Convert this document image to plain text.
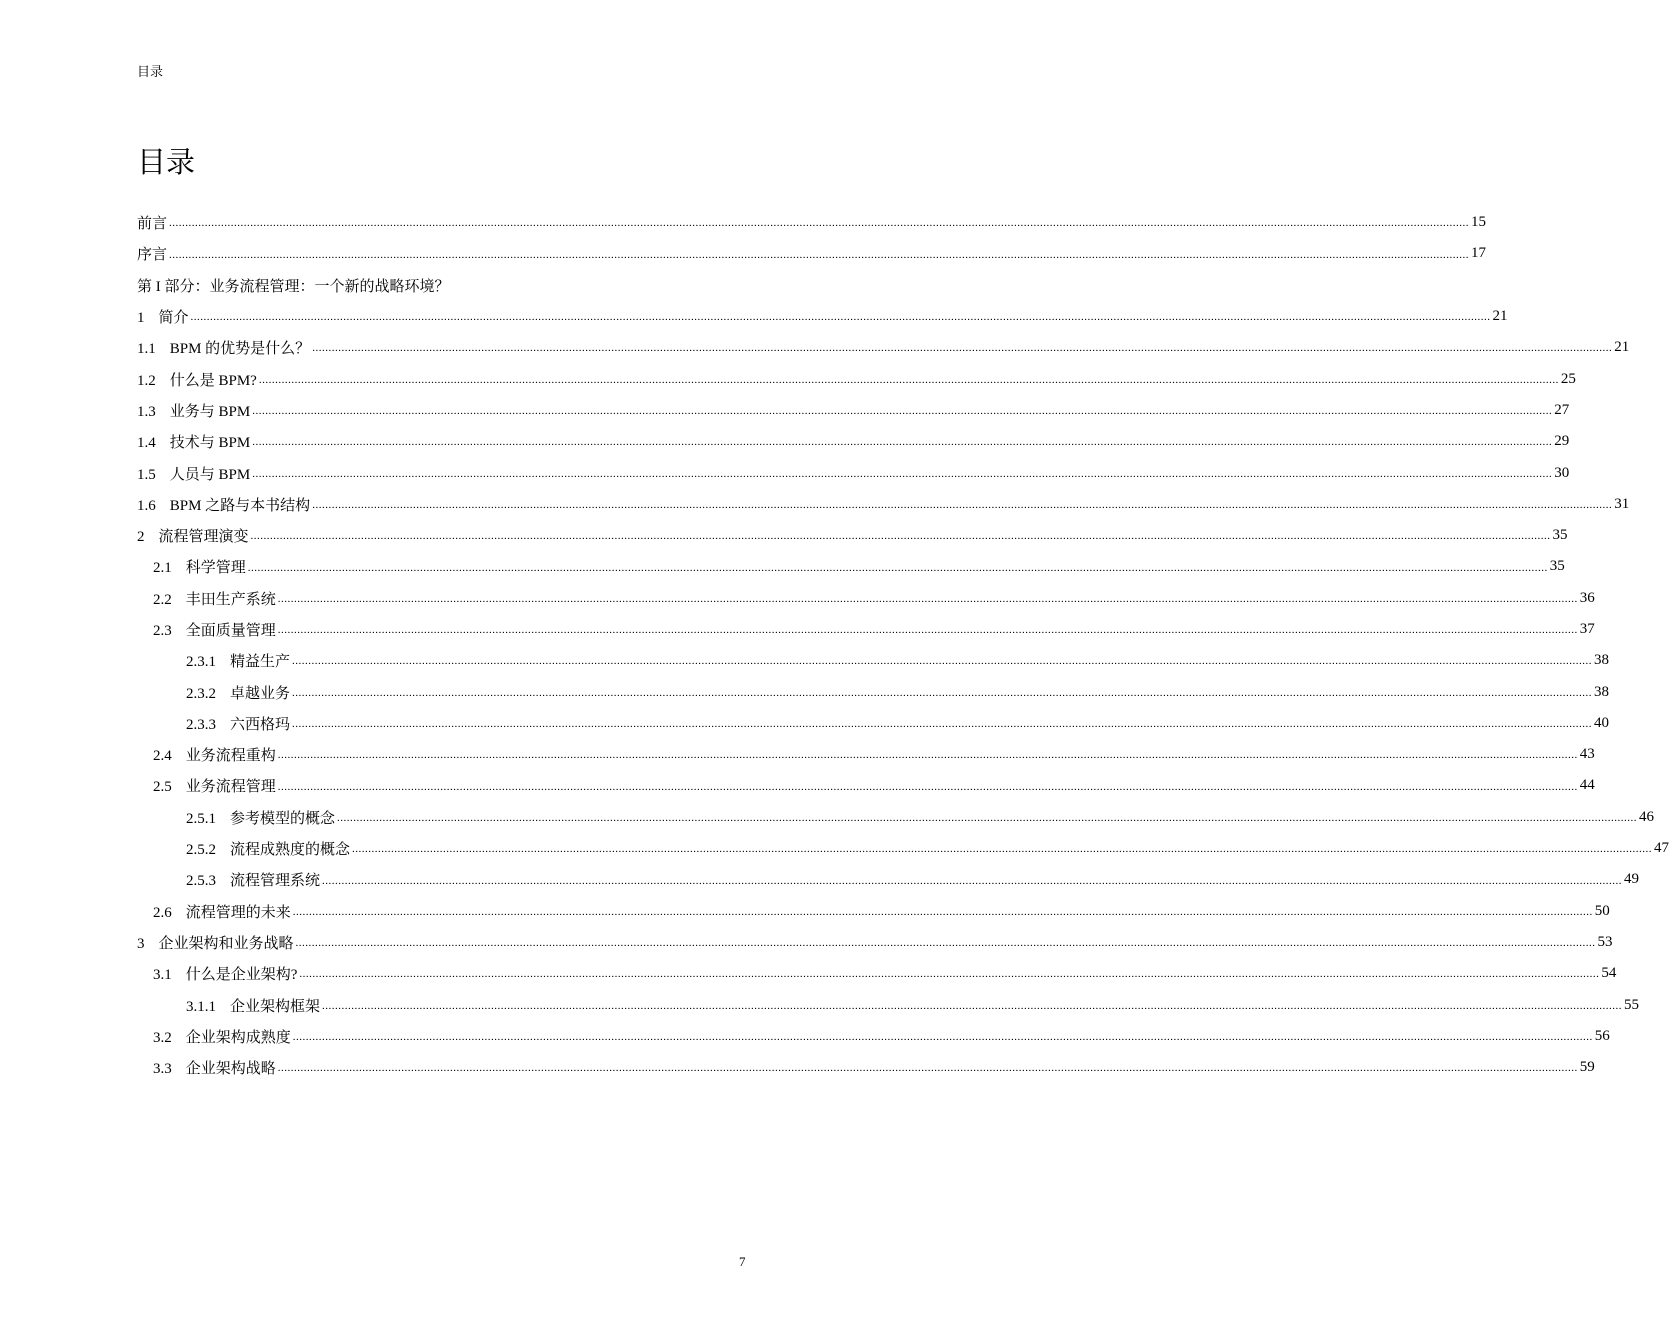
目录
目录
前言 ................................................................................................................................................................................................................................................................................................................................................................................................................ 15
序言 ................................................................................................................................................................................................................................................................................................................................................................................................................ 17
第 I 部分：业务流程管理：一个新的战略环境？
1 简介 ................................................................................................................................................................................................................................................................................................................................................................................................................ 21
1.1 BPM 的优势是什么？ ................................................................................................................................................................................................................................................................................................................................................................................................................ 21
1.2 什么是 BPM? ................................................................................................................................................................................................................................................................................................................................................................................................................ 25
1.3 业务与 BPM ................................................................................................................................................................................................................................................................................................................................................................................................................ 27
1.4 技术与 BPM ................................................................................................................................................................................................................................................................................................................................................................................................................ 29
1.5 人员与 BPM ................................................................................................................................................................................................................................................................................................................................................................................................................ 30
1.6 BPM 之路与本书结构 ................................................................................................................................................................................................................................................................................................................................................................................................................ 31
2 流程管理演变 ................................................................................................................................................................................................................................................................................................................................................................................................................ 35
2.1 科学管理 ................................................................................................................................................................................................................................................................................................................................................................................................................ 35
2.2 丰田生产系统 ................................................................................................................................................................................................................................................................................................................................................................................................................ 36
2.3 全面质量管理 ................................................................................................................................................................................................................................................................................................................................................................................................................ 37
2.3.1 精益生产 ................................................................................................................................................................................................................................................................................................................................................................................................................ 38
2.3.2 卓越业务 ................................................................................................................................................................................................................................................................................................................................................................................................................ 38
2.3.3 六西格玛 ................................................................................................................................................................................................................................................................................................................................................................................................................ 40
2.4 业务流程重构 ................................................................................................................................................................................................................................................................................................................................................................................................................ 43
2.5 业务流程管理 ................................................................................................................................................................................................................................................................................................................................................................................................................ 44
2.5.1 参考模型的概念 ................................................................................................................................................................................................................................................................................................................................................................................................................ 46
2.5.2 流程成熟度的概念 ................................................................................................................................................................................................................................................................................................................................................................................................................ 47
2.5.3 流程管理系统 ................................................................................................................................................................................................................................................................................................................................................................................................................ 49
2.6 流程管理的未来 ................................................................................................................................................................................................................................................................................................................................................................................................................ 50
3 企业架构和业务战略 ................................................................................................................................................................................................................................................................................................................................................................................................................ 53
3.1 什么是企业架构? ................................................................................................................................................................................................................................................................................................................................................................................................................ 54
3.1.1 企业架构框架 ................................................................................................................................................................................................................................................................................................................................................................................................................ 55
3.2 企业架构成熟度 ................................................................................................................................................................................................................................................................................................................................................................................................................ 56
3.3 企业架构战略 ................................................................................................................................................................................................................................................................................................................................................................................................................ 59
7
